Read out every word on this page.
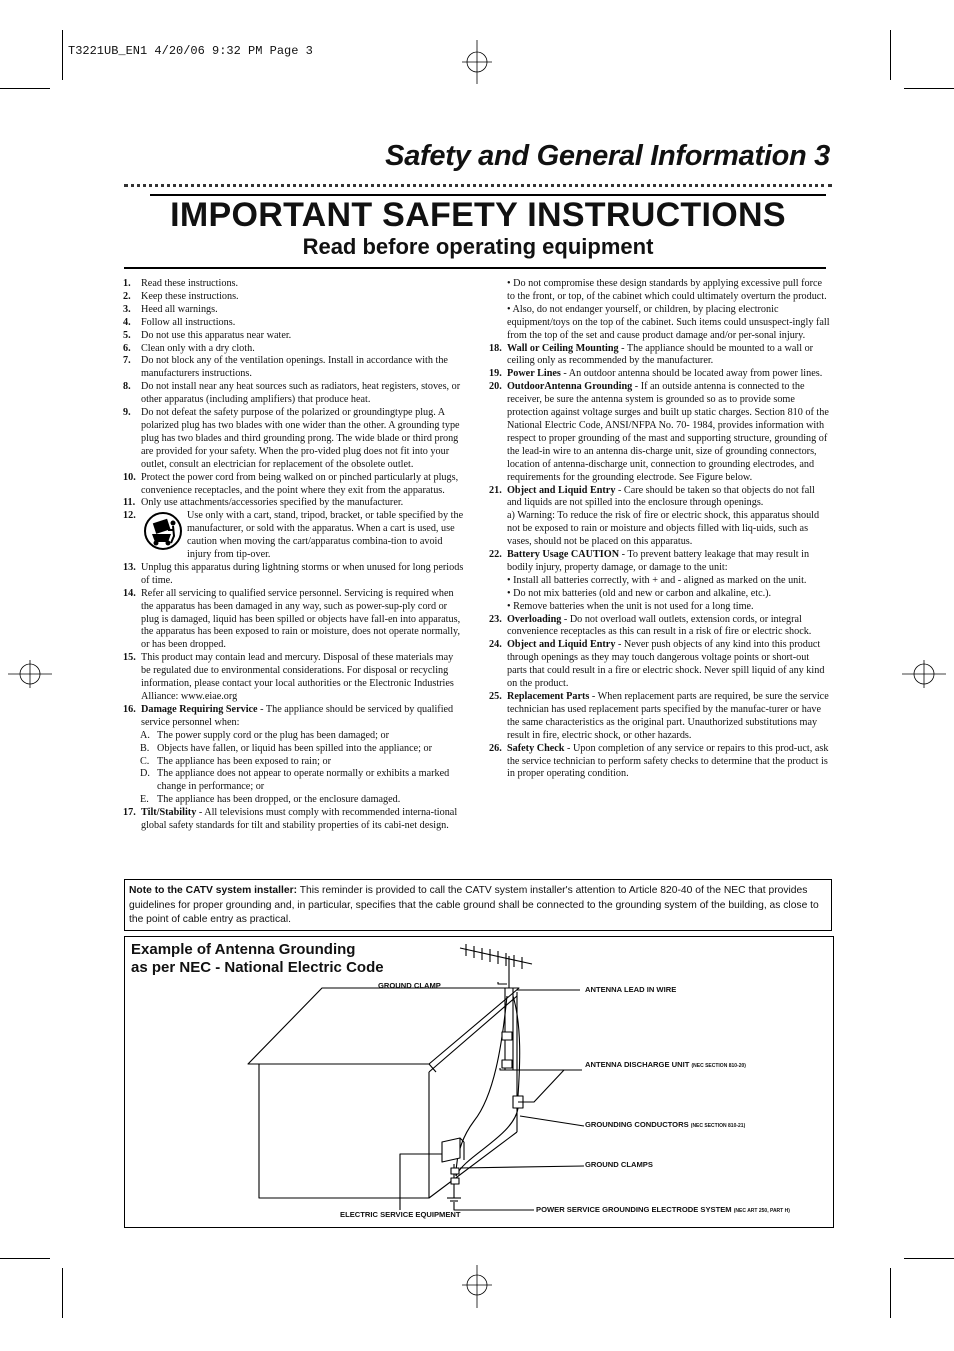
T3221UB_EN1 4/20/06 9:32 PM Page 3
Safety and General Information 3
IMPORTANT SAFETY INSTRUCTIONS
Read before operating equipment
1. Read these instructions.
2. Keep these instructions.
3. Heed all warnings.
4. Follow all instructions.
5. Do not use this apparatus near water.
6. Clean only with a dry cloth.
7. Do not block any of the ventilation openings. Install in accordance with the manufacturers instructions.
8. Do not install near any heat sources such as radiators, heat registers, stoves, or other apparatus (including amplifiers) that produce heat.
9. Do not defeat the safety purpose of the polarized or groundingtype plug. A polarized plug has two blades with one wider than the other. A grounding type plug has two blades and third grounding prong. The wide blade or third prong are provided for your safety. When the pro-vided plug does not fit into your outlet, consult an electrician for replacement of the obsolete outlet.
10. Protect the power cord from being walked on or pinched particularly at plugs, convenience receptacles, and the point where they exit from the apparatus.
11. Only use attachments/accessories specified by the manufacturer.
12.	Use only with a cart, stand, tripod, bracket, or table specified by the manufacturer, or sold with the apparatus. When a cart is used, use caution when moving the cart/apparatus combina-tion to avoid injury from tip-over.
13. Unplug this apparatus during lightning storms or when unused for long periods of time.
14. Refer all servicing to qualified service personnel. Servicing is required when the apparatus has been damaged in any way, such as power-sup-ply cord or plug is damaged, liquid has been spilled or objects have fall-en into apparatus, the apparatus has been exposed to rain or moisture, does not operate normally, or has been dropped.
15. This product may contain lead and mercury. Disposal of these materials may be regulated due to environmental considerations. For disposal or recycling information, please contact your local authorities or the Electronic Industries Alliance: www.eiae.org
16. Damage Requiring Service - The appliance should be serviced by qualified service personnel when:
A. The power supply cord or the plug has been damaged; or
B. Objects have fallen, or liquid has been spilled into the appliance; or
C. The appliance has been exposed to rain; or
D. The appliance does not appear to operate normally or exhibits a marked change in performance; or
E. The appliance has been dropped, or the enclosure damaged.
17. Tilt/Stability - All televisions must comply with recommended interna-tional global safety standards for tilt and stability properties of its cabi-net design.

• Do not compromise these design standards by applying excessive pull force to the front, or top, of the cabinet which could ultimately overturn the product.

• Also, do not endanger yourself, or children, by placing electronic equipment/toys on the top of the cabinet. Such items could unsuspect-ingly fall from the top of the set and cause product damage and/or per-sonal injury.

18. Wall or Ceiling Mounting - The appliance should be mounted to a wall or ceiling only as recommended by the manufacturer.
19. Power Lines - An outdoor antenna should be located away from power lines.
20. OutdoorAntenna Grounding - If an outside antenna is connected to the receiver, be sure the antenna system is grounded so as to provide some protection against voltage surges and built up static charges. Section 810 of the National Electric Code, ANSI/NFPA No. 70- 1984, provides information with respect to proper grounding of the mast and supporting structure, grounding of the lead-in wire to an antenna dis-charge unit, size of grounding connectors, location of antenna-discharge unit, connection to grounding electrodes, and requirements for the grounding electrode. See Figure below.
21. Object and Liquid Entry - Care should be taken so that objects do not fall and liquids are not spilled into the enclosure through openings.

a) Warning: To reduce the risk of fire or electric shock, this apparatus should not be exposed to rain or moisture and objects filled with liq-uids, such as vases, should not be placed on this apparatus.

22. Battery Usage CAUTION - To prevent battery leakage that may result in bodily injury, property damage, or damage to the unit:

• Install all batteries correctly, with + and - aligned as marked on the unit.

• Do not mix batteries (old and new or carbon and alkaline, etc.).

• Remove batteries when the unit is not used for a long time.

23. Overloading - Do not overload wall outlets, extension cords, or integral convenience receptacles as this can result in a risk of fire or electric shock.
24. Object and Liquid Entry - Never push objects of any kind into this product through openings as they may touch dangerous voltage points or short-out parts that could result in a fire or electric shock. Never spill liquid of any kind on the product.
25. Replacement Parts - When replacement parts are required, be sure the service technician has used replacement parts specified by the manufac-turer or have the same characteristics as the original part. Unauthorized substitutions may result in fire, electric shock, or other hazards.
26. Safety Check - Upon completion of any service or repairs to this prod-uct, ask the service technician to perform safety checks to determine that the product is in proper operating condition.
Note to the CATV system installer: This reminder is provided to call the CATV system installer's attention to Article 820-40 of the NEC that provides guidelines for proper grounding and, in particular, specifies that the cable ground shall be connected to the grounding system of the building, as close to the point of cable entry as practical.
Example of Antenna Grounding
as per NEC - National Electric Code
GROUND CLAMP	ANTENNA LEAD IN WIRE
ANTENNA DISCHARGE UNIT (NEC SECTION 810-20)
GROUNDING CONDUCTORS (NEC SECTION 810-21)
GROUND CLAMPS
POWER SERVICE GROUNDING ELECTRODE SYSTEM (NEC ART 250, PART H)
ELECTRIC SERVICE EQUIPMENT
